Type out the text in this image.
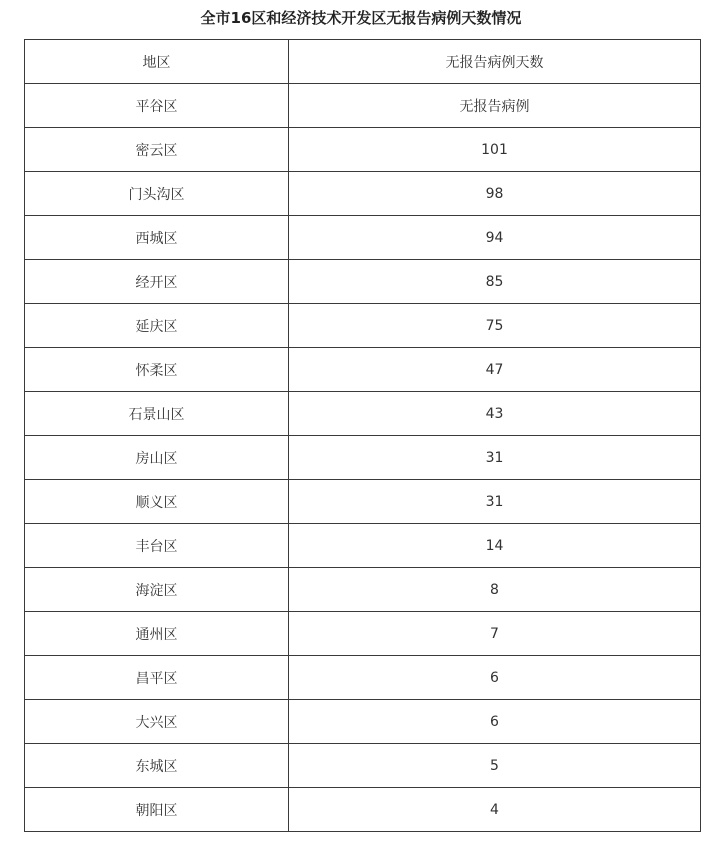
全市16区和经济技术开发区无报告病例天数情况
地区	无报告病例天数
平谷区	无报告病例
密云区	101
门头沟区	98
西城区	94
经开区	85
延庆区	75
怀柔区	47
石景山区	43
房山区	31
顺义区	31
丰台区	14
海淀区	8
通州区	7
昌平区	6
大兴区	6
东城区	5
朝阳区	4
